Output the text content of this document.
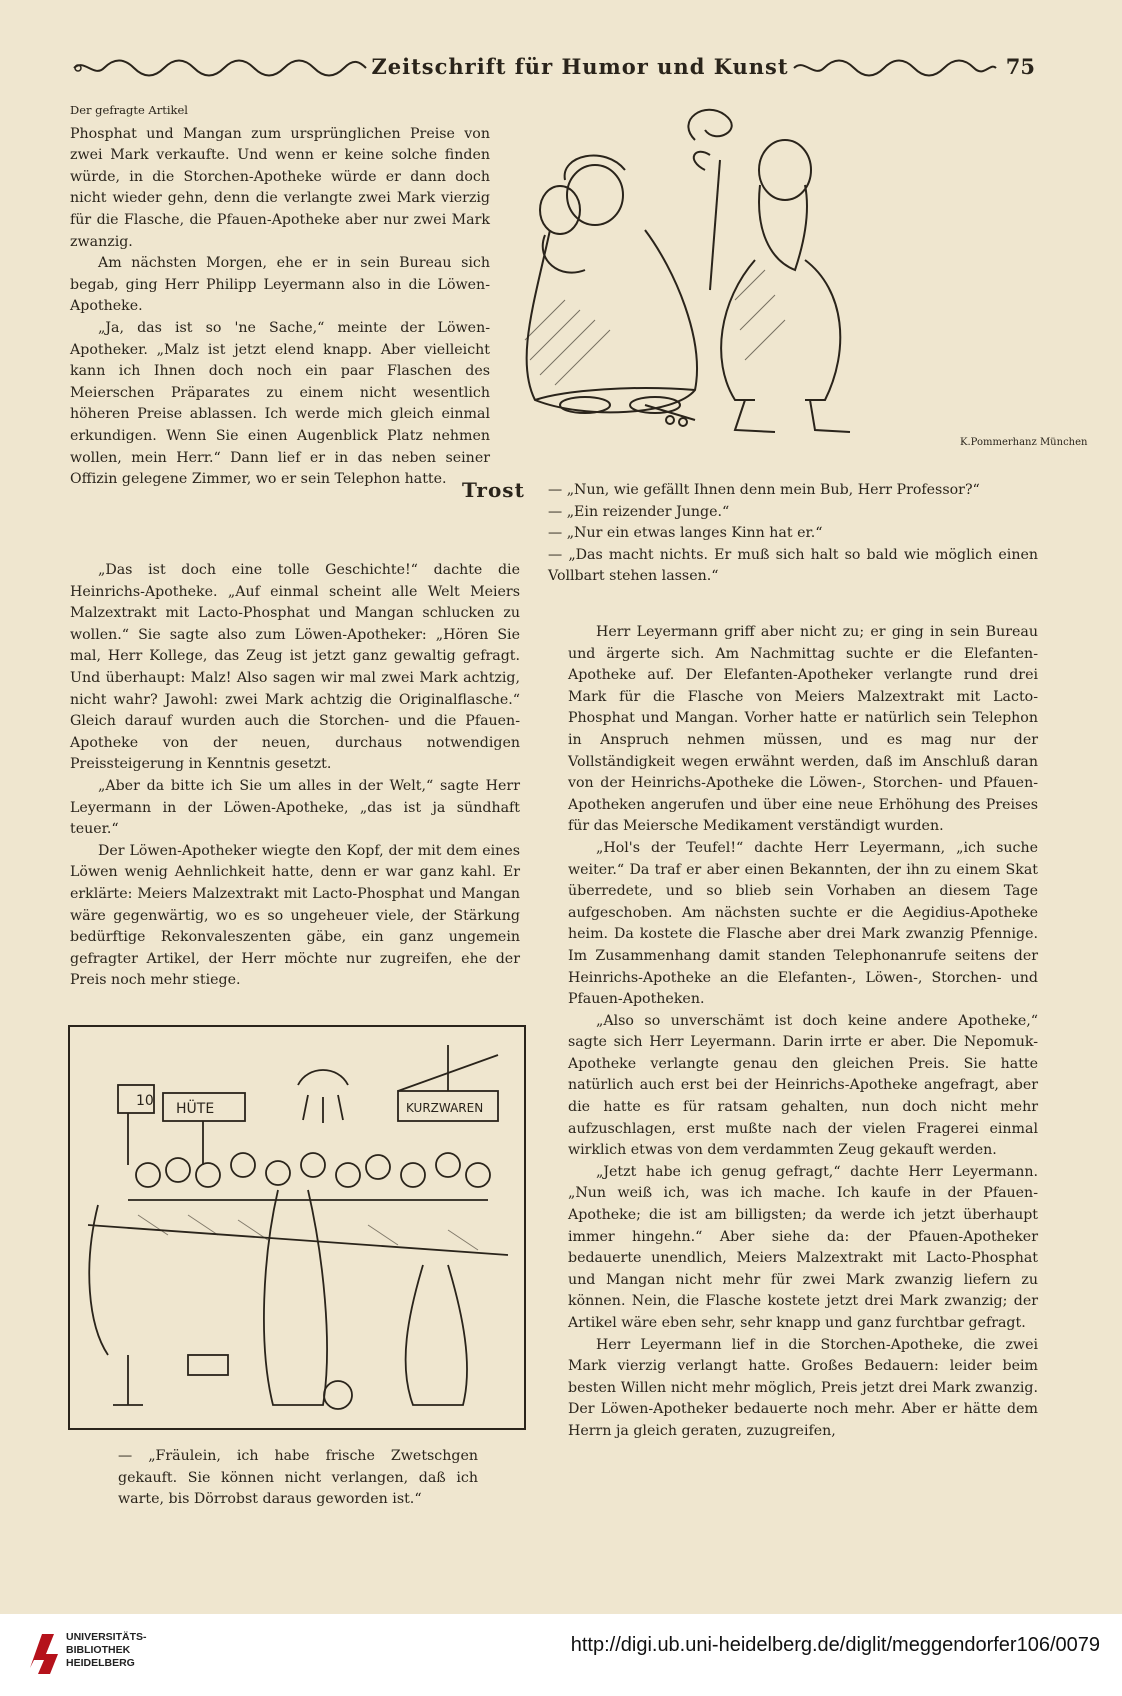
Zeitschrift für Humor und Kunst	75

Der gefragte Artikel

Phosphat und Mangan zum ursprünglichen Preise von zwei Mark verkaufte. Und wenn er keine solche finden würde, in die Storchen-Apotheke würde er dann doch nicht wieder gehn, denn die verlangte zwei Mark vierzig für die Flasche, die Pfauen-Apotheke aber nur zwei Mark zwanzig.

Am nächsten Morgen, ehe er in sein Bureau sich begab, ging Herr Philipp Leyermann also in die Löwen-Apotheke.

„Ja, das ist so 'ne Sache,“ meinte der Löwen-Apotheker. „Malz ist jetzt elend knapp. Aber vielleicht kann ich Ihnen doch noch ein paar Flaschen des Meierschen Präparates zu einem nicht wesentlich höheren Preise ablassen. Ich werde mich gleich einmal erkundigen. Wenn Sie einen Augenblick Platz nehmen wollen, mein Herr.“ Dann lief er in das neben seiner Offizin gelegene Zimmer, wo er sein Telephon hatte.

„Das ist doch eine tolle Geschichte!“ dachte die Heinrichs-Apotheke. „Auf einmal scheint alle Welt Meiers Malzextrakt mit Lacto-Phosphat und Mangan schlucken zu wollen.“ Sie sagte also zum Löwen-Apotheker: „Hören Sie mal, Herr Kollege, das Zeug ist jetzt ganz gewaltig gefragt. Und überhaupt: Malz! Also sagen wir mal zwei Mark achtzig, nicht wahr? Jawohl: zwei Mark achtzig die Originalflasche.“ Gleich darauf wurden auch die Storchen- und die Pfauen-Apotheke von der neuen, durchaus notwendigen Preissteigerung in Kenntnis gesetzt.

„Aber da bitte ich Sie um alles in der Welt,“ sagte Herr Leyermann in der Löwen-Apotheke, „das ist ja sündhaft teuer.“

Der Löwen-Apotheker wiegte den Kopf, der mit dem eines Löwen wenig Aehnlichkeit hatte, denn er war ganz kahl. Er erklärte: Meiers Malzextrakt mit Lacto-Phosphat und Mangan wäre gegenwärtig, wo es so ungeheuer viele, der Stärkung bedürftige Rekonvaleszenten gäbe, ein ganz ungemein gefragter Artikel, der Herr möchte nur zugreifen, ehe der Preis noch mehr stiege.

K.Pommerhanz München
Trost — „Nun, wie gefällt Ihnen denn mein Bub, Herr Professor?“

— „Ein reizender Junge.“

— „Nur ein etwas langes Kinn hat er.“

— „Das macht nichts. Er muß sich halt so bald wie möglich einen Vollbart stehen lassen.“

Herr Leyermann griff aber nicht zu; er ging in sein Bureau und ärgerte sich. Am Nachmittag suchte er die Elefanten-Apotheke auf. Der Elefanten-Apotheker verlangte rund drei Mark für die Flasche von Meiers Malzextrakt mit Lacto-Phosphat und Mangan. Vorher hatte er natürlich sein Telephon in Anspruch nehmen müssen, und es mag nur der Vollständigkeit wegen erwähnt werden, daß im Anschluß daran von der Heinrichs-Apotheke die Löwen-, Storchen- und Pfauen-Apotheken angerufen und über eine neue Erhöhung des Preises für das Meiersche Medikament verständigt wurden.

„Hol's der Teufel!“ dachte Herr Leyermann, „ich suche weiter.“ Da traf er aber einen Bekannten, der ihn zu einem Skat überredete, und so blieb sein Vorhaben an diesem Tage aufgeschoben. Am nächsten suchte er die Aegidius-Apotheke heim. Da kostete die Flasche aber drei Mark zwanzig Pfennige. Im Zusammenhang damit standen Telephonanrufe seitens der Heinrichs-Apotheke an die Elefanten-, Löwen-, Storchen- und Pfauen-Apotheken.

„Also so unverschämt ist doch keine andere Apotheke,“ sagte sich Herr Leyermann. Darin irrte er aber. Die Nepomuk-Apotheke verlangte genau den gleichen Preis. Sie hatte natürlich auch erst bei der Heinrichs-Apotheke angefragt, aber die hatte es für ratsam gehalten, nun doch nicht mehr aufzuschlagen, erst mußte nach der vielen Fragerei einmal wirklich etwas von dem verdammten Zeug gekauft werden.

„Jetzt habe ich genug gefragt,“ dachte Herr Leyermann. „Nun weiß ich, was ich mache. Ich kaufe in der Pfauen-Apotheke; die ist am billigsten; da werde ich jetzt überhaupt immer hingehn.“ Aber siehe da: der Pfauen-Apotheker bedauerte unendlich, Meiers Malzextrakt mit Lacto-Phosphat und Mangan nicht mehr für zwei Mark zwanzig liefern zu können. Nein, die Flasche kostete jetzt drei Mark zwanzig; der Artikel wäre eben sehr, sehr knapp und ganz furchtbar gefragt.

Herr Leyermann lief in die Storchen-Apotheke, die zwei Mark vierzig verlangt hatte. Großes Bedauern: leider beim besten Willen nicht mehr möglich, Preis jetzt drei Mark zwanzig. Der Löwen-Apotheker bedauerte noch mehr. Aber er hätte dem Herrn ja gleich geraten, zuzugreifen,

10 HÜTE	KURZWAREN

— „Fräulein, ich habe frische Zwetschgen gekauft. Sie können nicht verlangen, daß ich warte, bis Dörrobst daraus geworden ist.“

UNIVERSITÄTS-
BIBLIOTHEK
HEIDELBERG
http://digi.ub.uni-heidelberg.de/diglit/meggendorfer106/0079
